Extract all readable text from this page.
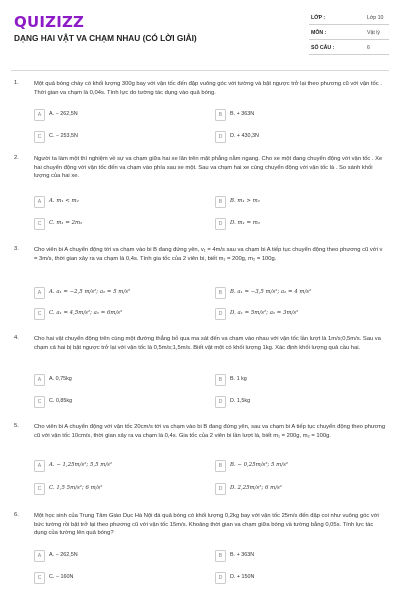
QUIZIZZ
DẠNG HAI VẬT VA CHẠM NHAU (CÓ LỜI GIẢI)
LỚP :	Lớp 10
MÔN :	Vật lý
SỐ CÂU :	6
1.	Một quả bóng chày có khối lượng 300g bay với vận tốc đến đập vuông góc với tường và bật ngược trở lại theo phương cũ với vận tốc . Thời gian va chạm là 0,04s. Tính lực do tường tác dụng vào quả bóng.
A	A. − 262,5N	B	B. + 363N
C	C. − 253,5N	D	D. + 430,3N
2.	Người ta làm một thí nghiệm về sự va chạm giữa hai xe lăn trên mặt phẳng nằm ngang. Cho xe một đang chuyển động với vận tốc . Xe hai chuyển động với vận tốc đến va chạm vào phía sau xe một. Sau va chạm hai xe cùng chuyển động với vận tốc là . So sánh khối lượng của hai xe.
A	A. m₁ < m₂	B	B. m₁ > m₂
C	C. m₁ = 2m₂	D	D. m₁ = m₂
3.	Cho viên bi A chuyển động tới va chạm vào bi B đang đứng yên, v₁ = 4m/s sau va chạm bi A tiếp tục chuyển động theo phương cũ với v = 3m/s, thời gian xảy ra va chạm là 0,4s. Tính gia tốc của 2 viên bi, biết m₁ = 200g, m₂ = 100g.
A	A. a₁ = −2,5 m/s²; a₂ = 5 m/s²	B	B. a₁ = −3,5 m/s²; a₂ = 4 m/s²
C	C. a₁ = 4,5m/s²; a₂ = 6m/s²	D	D. a₁ = 5m/s²; a₂ = 3m/s²
4.	Cho hai vật chuyển động trên cùng một đường thẳng bỏ qua ma sát đến va chạm vào nhau với vận tốc lần lượt là 1m/s;0,5m/s. Sau va chạm cả hai bị bật ngược trở lại với vận tốc là 0,5m/s;1,5m/s. Biết vật một có khối lượng 1kg. Xác định khối lượng quả cầu hai.
A	A. 0,75kg	B	B. 1 kg
C	C. 0,85kg	D	D. 1,5kg
5.	Cho viên bi A chuyển động với vận tốc 20cm/s tới va chạm vào bi B đang đứng yên, sau va chạm bi A tiếp tục chuyển động theo phương cũ với vận tốc 10cm/s, thời gian xảy ra va chạm là 0,4s. Gia tốc của 2 viên bi lần lượt là, biết m₁ = 200g, m₂ = 100g.
A	A. − 1,25m/s²; 5,5 m/s²	B	B. − 0,25m/s²; 5 m/s²
C	C. 1,5 5m/s²; 6 m/s²	D	D. 2,25m/s²; 6 m/s²
6.	Một học sinh của Trung Tâm Giáo Dục Hà Nội đá quả bóng có khối lượng 0,2kg bay với vận tốc 25m/s đến đập coi như vuông góc với bức tường rồi bật trở lại theo phương cũ với vận tốc 15m/s. Khoảng thời gian va chạm giữa bóng và tường bằng 0,05s. Tính lực tác dụng của tường lên quả bóng?
A	A. − 262,5N	B	B. + 363N
C	C. − 160N	D	D. + 150N
